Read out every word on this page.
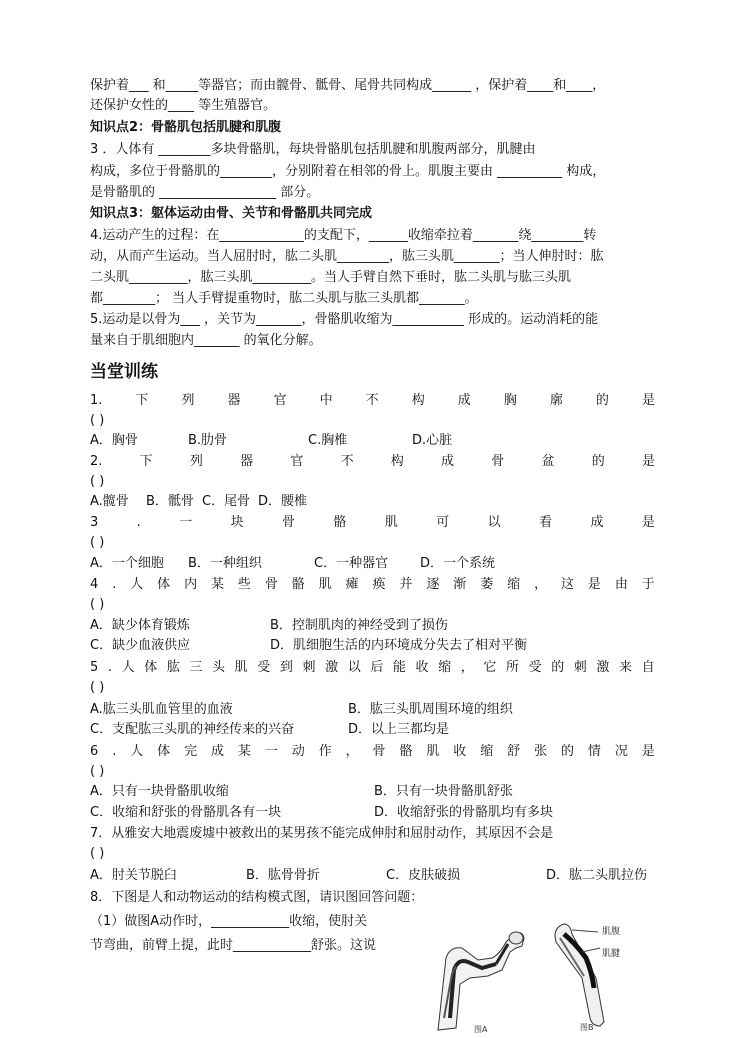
保护着___ 和_____等器官；而由髋骨、骶骨、尾骨共同构成______ ，保护着____和____，
还保护女性的____ 等生殖器官。
知识点2：骨骼肌包括肌腱和肌腹
3 ．人体有 ________多块骨骼肌，每块骨骼肌包括肌腱和肌腹两部分，肌腱由
构成，多位于骨骼肌的________，分别附着在相邻的骨上。肌腹主要由 __________ 构成，
是骨骼肌的 __________________ 部分。
知识点3：躯体运动由骨、关节和骨骼肌共同完成
4.运动产生的过程：在_____________的支配下，______收缩牵拉着_______绕________转
动，从而产生运动。当人屈肘时，肱二头肌________，肱三头肌_______；当人伸肘时：肱
二头肌_________，肱三头肌_________。当人手臂自然下垂时，肱二头肌与肱三头肌
都________； 当人手臂提重物时，肱二头肌与肱三头肌都_______。
5.运动是以骨为___ ，关节为_______，骨骼肌收缩为___________ 形成的。运动消耗的能
量来自于肌细胞内_______ 的氧化分解。
当堂训练
1.	下	列	器	官	中	不	构	成	胸	廓	的	是
( )
A．胸骨	B.肋骨	C.胸椎	D.心脏
2.	下	列	器	官	不	构	成	骨	盆	的	是
( )
A.髋骨 B．骶骨 C．尾骨 D．腰椎
3	.	一	块	骨	骼	肌	可	以	看	成	是
( )
A．一个细胞 B．一种组织	C．一种器官 D．一个系统
4 . 人 体 内 某 些 骨 骼 肌 瘫 痪 并 逐 渐 萎 缩 ， 这 是 由 于
( )
A．缺少体育锻炼	B．控制肌肉的神经受到了损伤
C．缺少血液供应	D．肌细胞生活的内环境成分失去了相对平衡
5 . 人 体 肱 三 头 肌 受 到 刺 激 以 后 能 收 缩 ， 它 所 受 的 刺 激 来 自
( )
A.肱三头肌血管里的血液	B．肱三头肌周围环境的组织
C．支配肱三头肌的神经传来的兴奋	D．以上三都均是
6 . 人 体 完 成 某 一 动 作 ， 骨 骼 肌 收 缩 舒 张 的 情 况 是
( )
A．只有一块骨骼肌收缩	B．只有一块骨骼肌舒张
C．收缩和舒张的骨骼肌各有一块	D．收缩舒张的骨骼肌均有多块
7．从雅安大地震废墟中被救出的某男孩不能完成伸肘和屈肘动作，其原因不会是
( )
A．肘关节脱臼	B．肱骨骨折	C．皮肤破损	D．肱二头肌拉伤
8．下图是人和动物运动的结构模式图，请识图回答问题：
（1）做图A动作时，____________收缩，使肘关
节弯曲，前臂上提，此时____________舒张。这说
图A
肌腹
肌腱
图B
